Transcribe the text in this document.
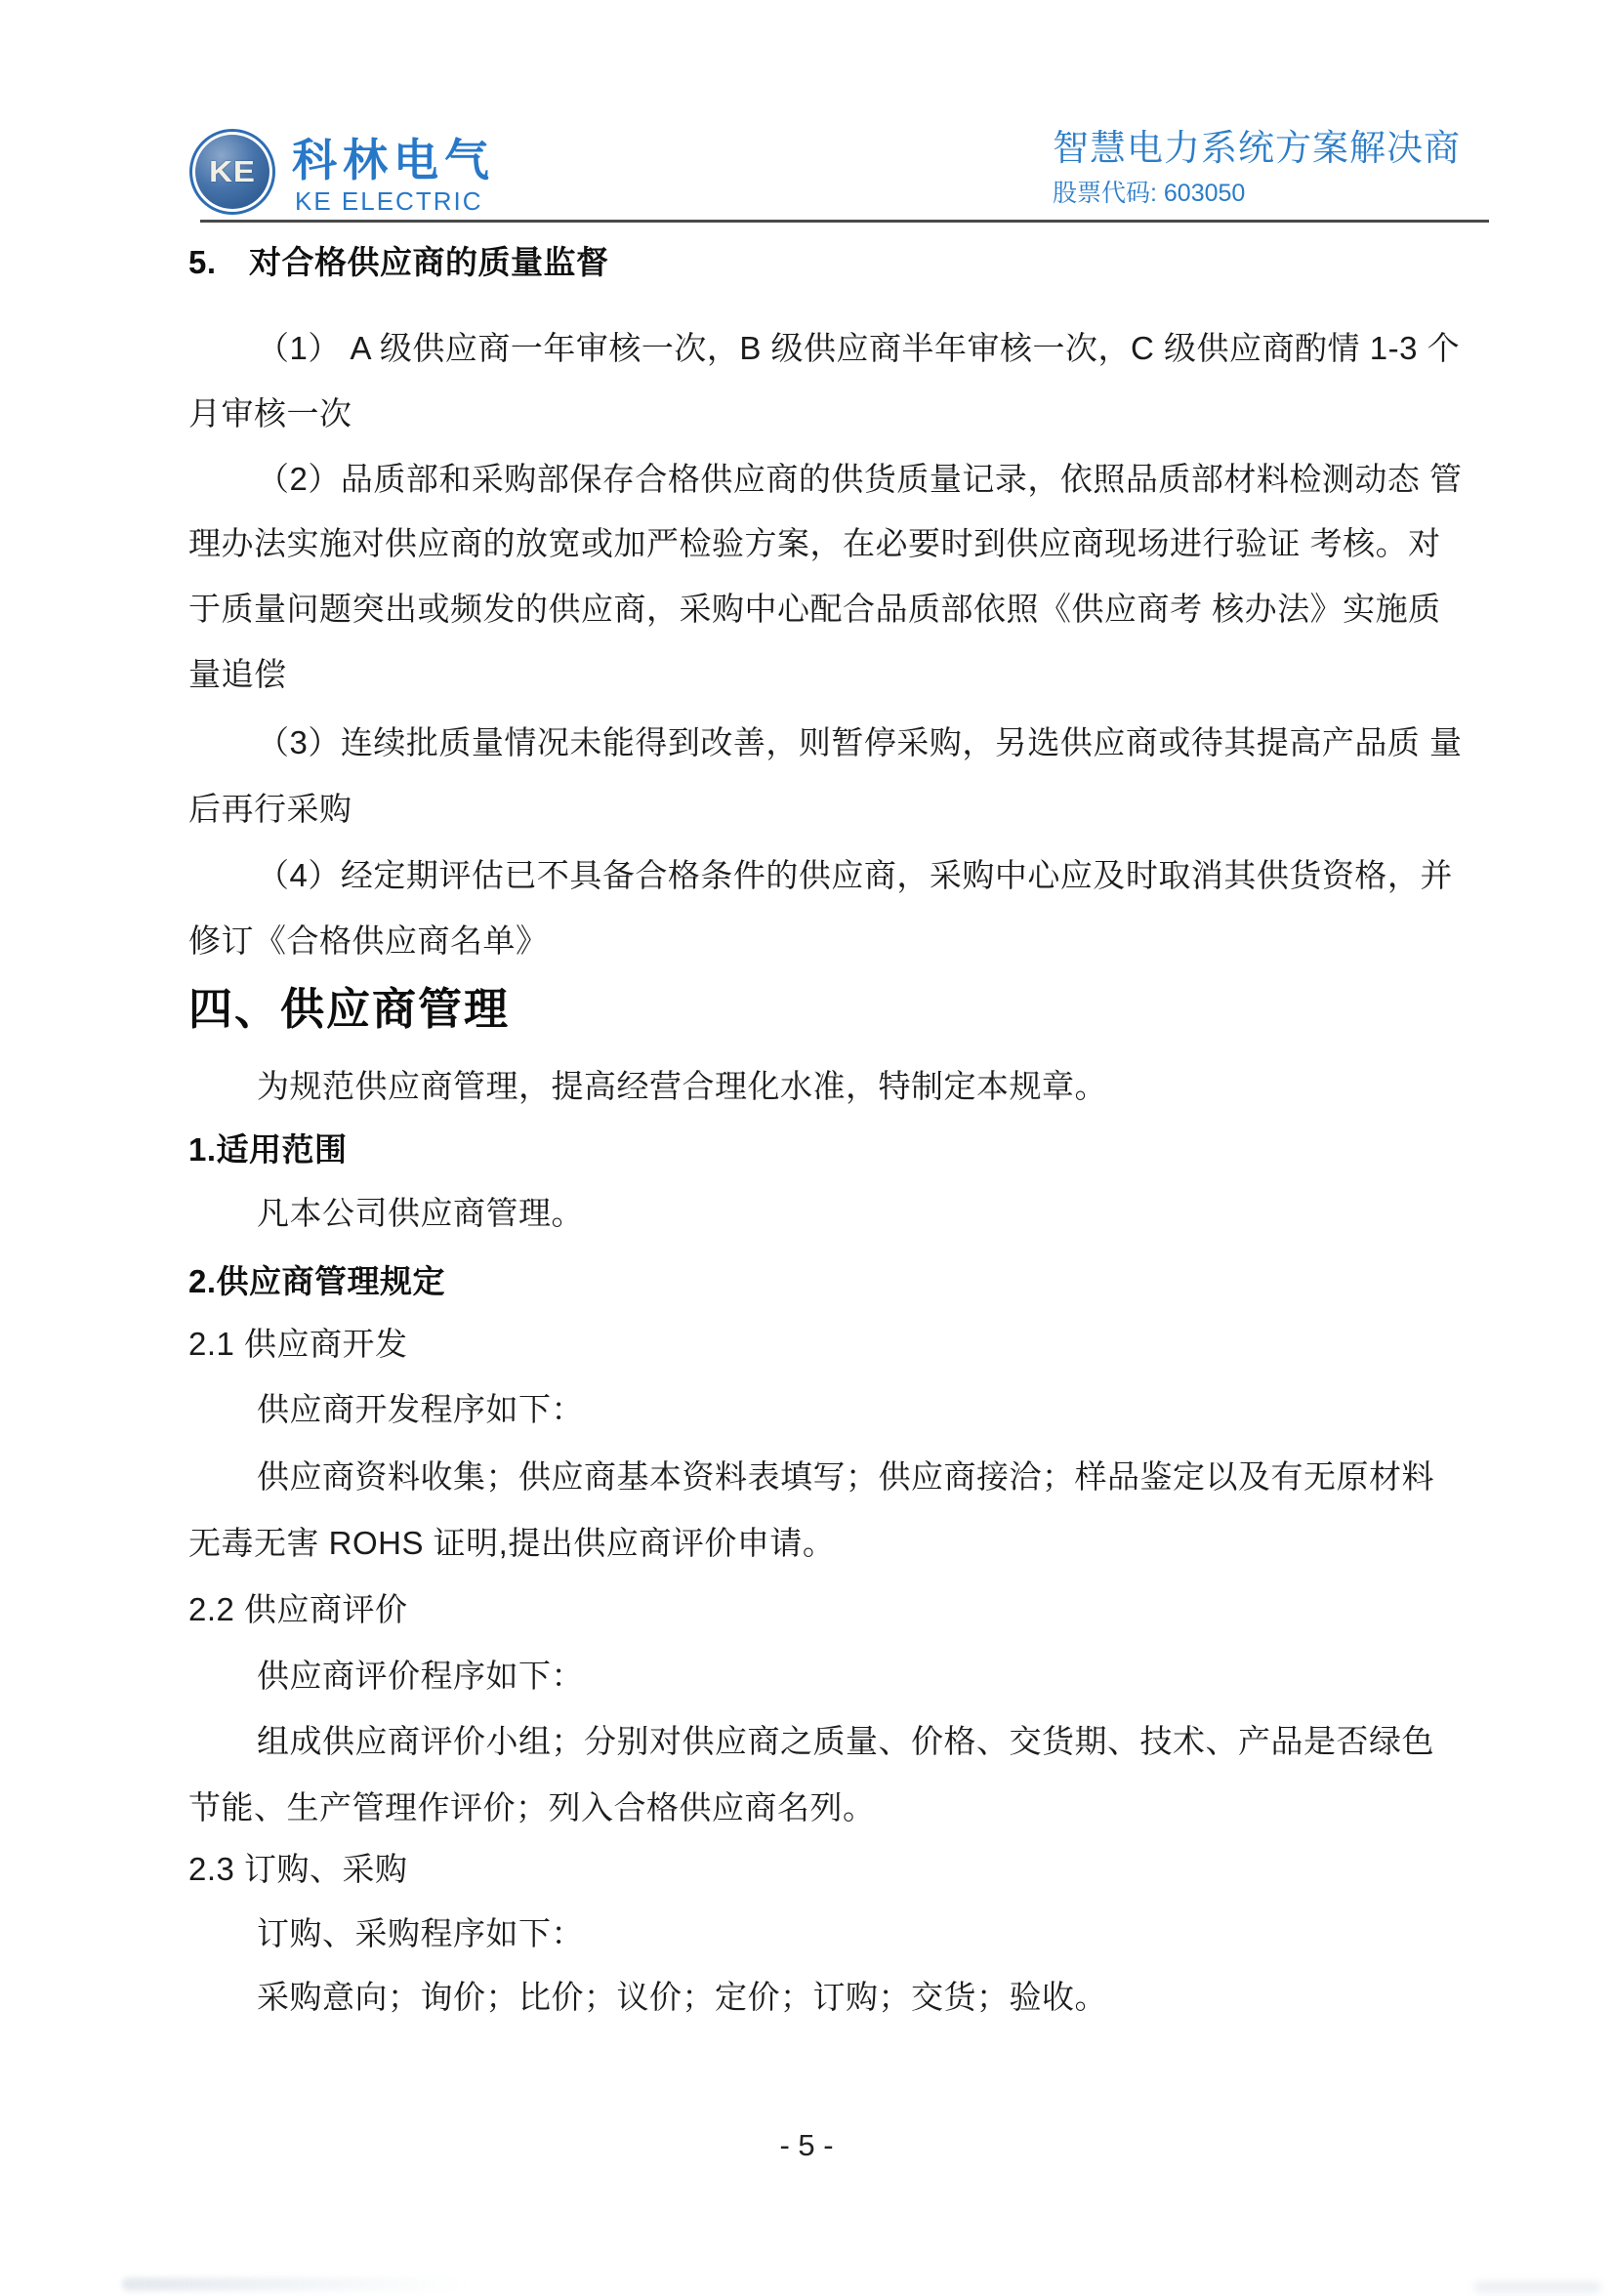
KE 科林电气
KE ELECTRIC
智慧电力系统方案解决商
股票代码: 603050
5.　对合格供应商的质量监督
（1） A 级供应商一年审核一次，B 级供应商半年审核一次，C 级供应商酌情 1-3 个
月审核一次
（2）品质部和采购部保存合格供应商的供货质量记录，依照品质部材料检测动态 管
理办法实施对供应商的放宽或加严检验方案，在必要时到供应商现场进行验证 考核。对
于质量问题突出或频发的供应商，采购中心配合品质部依照《供应商考 核办法》实施质
量追偿
（3）连续批质量情况未能得到改善，则暂停采购，另选供应商或待其提高产品质 量
后再行采购
（4）经定期评估已不具备合格条件的供应商，采购中心应及时取消其供货资格，并
修订《合格供应商名单》
四、供应商管理
为规范供应商管理，提高经营合理化水准，特制定本规章。
1.适用范围
凡本公司供应商管理。
2.供应商管理规定
2.1 供应商开发
供应商开发程序如下：
供应商资料收集；供应商基本资料表填写；供应商接洽；样品鉴定以及有无原材料
无毒无害 ROHS 证明,提出供应商评价申请。
2.2 供应商评价
供应商评价程序如下：
组成供应商评价小组；分别对供应商之质量、价格、交货期、技术、产品是否绿色
节能、生产管理作评价；列入合格供应商名列。
2.3 订购、采购
订购、采购程序如下：
采购意向；询价；比价；议价；定价；订购；交货；验收。
- 5 -
